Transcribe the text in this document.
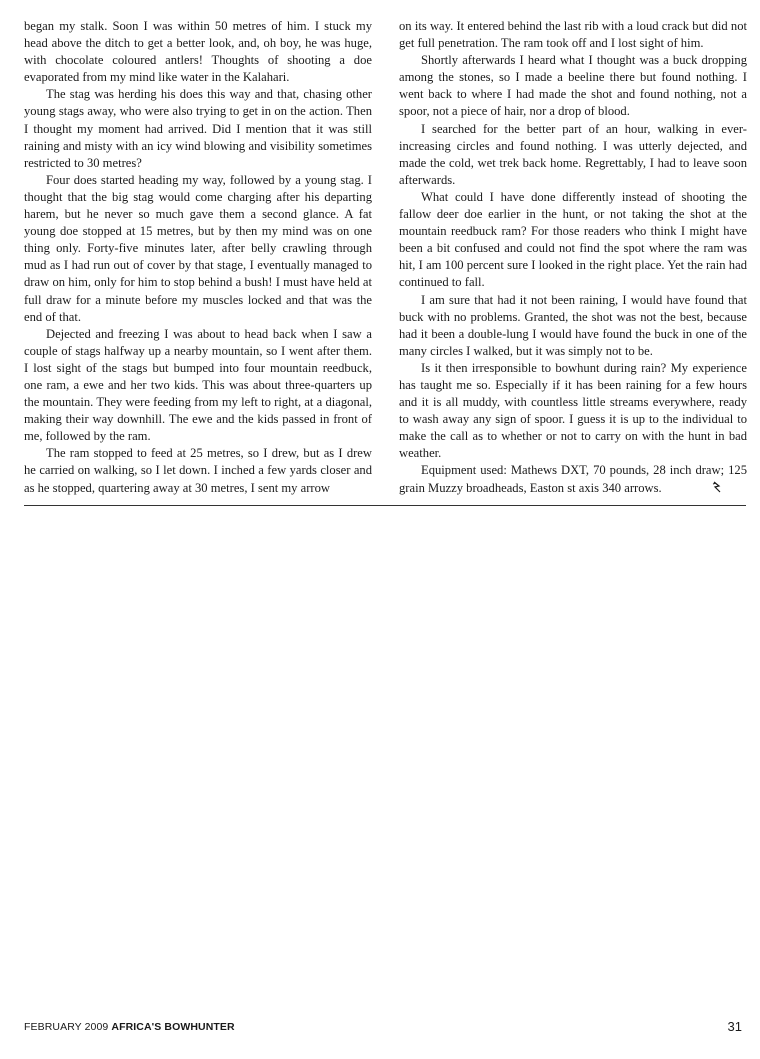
began my stalk. Soon I was within 50 metres of him. I stuck my head above the ditch to get a better look, and, oh boy, he was huge, with chocolate coloured antlers! Thoughts of shooting a doe evaporated from my mind like water in the Kalahari.

The stag was herding his does this way and that, chasing other young stags away, who were also trying to get in on the action. Then I thought my moment had arrived. Did I mention that it was still raining and misty with an icy wind blowing and visibility sometimes restricted to 30 metres?

Four does started heading my way, followed by a young stag. I thought that the big stag would come charging after his departing harem, but he never so much gave them a second glance. A fat young doe stopped at 15 metres, but by then my mind was on one thing only. Forty-five minutes later, after belly crawling through mud as I had run out of cover by that stage, I eventually managed to draw on him, only for him to stop behind a bush! I must have held at full draw for a minute before my muscles locked and that was the end of that.

Dejected and freezing I was about to head back when I saw a couple of stags halfway up a nearby mountain, so I went after them. I lost sight of the stags but bumped into four mountain reedbuck, one ram, a ewe and her two kids. This was about three-quarters up the mountain. They were feeding from my left to right, at a diagonal, making their way downhill. The ewe and the kids passed in front of me, followed by the ram.

The ram stopped to feed at 25 metres, so I drew, but as I drew he carried on walking, so I let down. I inched a few yards closer and as he stopped, quartering away at 30 metres, I sent my arrow

on its way. It entered behind the last rib with a loud crack but did not get full penetration. The ram took off and I lost sight of him.

Shortly afterwards I heard what I thought was a buck dropping among the stones, so I made a beeline there but found nothing. I went back to where I had made the shot and found nothing, not a spoor, not a piece of hair, nor a drop of blood.

I searched for the better part of an hour, walking in ever-increasing circles and found nothing. I was utterly dejected, and made the cold, wet trek back home. Regrettably, I had to leave soon afterwards.

What could I have done differently instead of shooting the fallow deer doe earlier in the hunt, or not taking the shot at the mountain reedbuck ram? For those readers who think I might have been a bit confused and could not find the spot where the ram was hit, I am 100 percent sure I looked in the right place. Yet the rain had continued to fall.

I am sure that had it not been raining, I would have found that buck with no problems. Granted, the shot was not the best, because had it been a double-lung I would have found the buck in one of the many circles I walked, but it was simply not to be.

Is it then irresponsible to bowhunt during rain? My experience has taught me so. Especially if it has been raining for a few hours and it is all muddy, with countless little streams everywhere, ready to wash away any sign of spoor. I guess it is up to the individual to make the call as to whether or not to carry on with the hunt in bad weather.

Equipment used: Mathews DXT, 70 pounds, 28 inch draw; 125 grain Muzzy broadheads, Easton st axis 340 arrows.

FEBRUARY 2009 AFRICA'S BOWHUNTER	31
